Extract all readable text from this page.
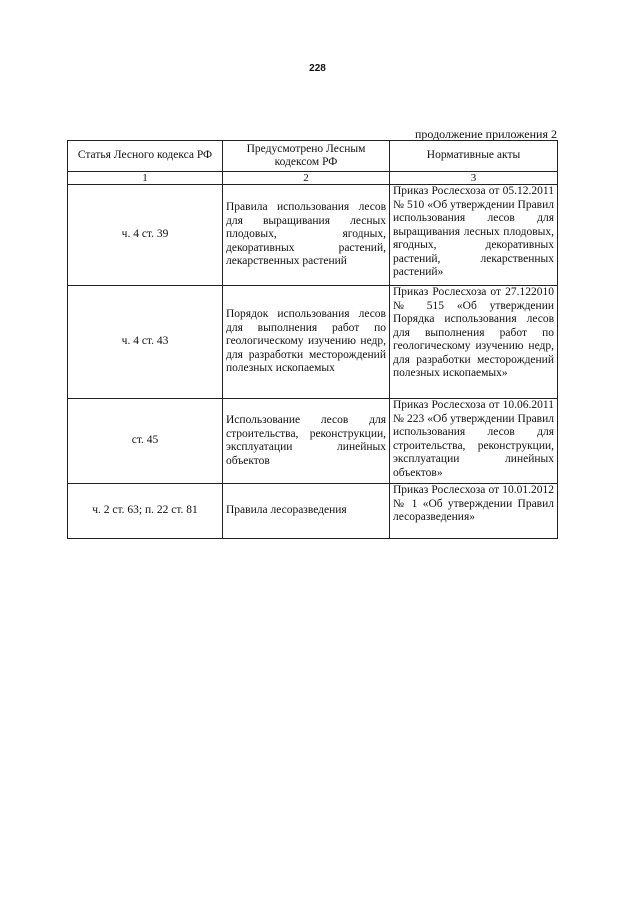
228
продолжение приложения 2
Статья Лесного кодекса РФ	Предусмотрено Лесным кодексом РФ	Нормативные акты
1	2	3
ч. 4 ст. 39	Правила использования лесов для выращивания лесных плодовых, ягодных, декоративных растений, лекарственных растений	Приказ Рослесхоза от 05.12.2011 № 510 «Об утверждении Правил использования лесов для выращивания лесных плодовых, ягодных, декоративных растений, лекарственных растений»
ч. 4 ст. 43	Порядок использования лесов для выполнения работ по геологическому изучению недр, для разработки месторождений полезных ископаемых	Приказ Рослесхоза от 27.122010 № 515 «Об утверждении Порядка использования лесов для выполнения работ по геологическому изучению недр, для разработки месторождений полезных ископаемых»
ст. 45	Использование лесов для строительства, реконструкции, эксплуатации линейных объектов	Приказ Рослесхоза от 10.06.2011 № 223 «Об утверждении Правил использования лесов для строительства, реконструкции, эксплуатации линейных объектов»
ч. 2 ст. 63; п. 22 ст. 81	Правила лесоразведения	Приказ Рослесхоза от 10.01.2012 № 1 «Об утверждении Правил лесоразведения»
